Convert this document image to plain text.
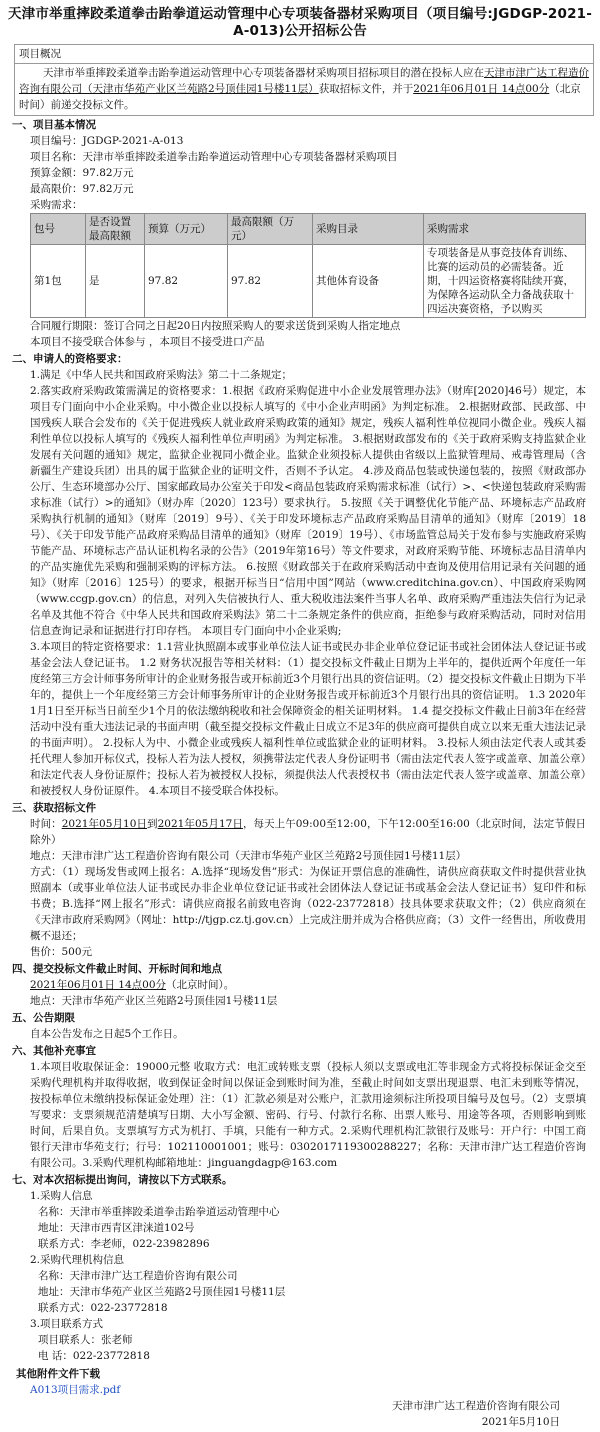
天津市举重摔跤柔道拳击跆拳道运动管理中心专项装备器材采购项目（项目编号:JGDGP-2021-A-013)公开招标公告
项目概况
天津市举重摔跤柔道拳击跆拳道运动管理中心专项装备器材采购项目招标项目的潜在投标人应在天津市津广达工程造价咨询有限公司（天津市华苑产业区兰苑路2号顶佳园1号楼11层）获取招标文件，并于2021年06月01日 14点00分（北京时间）前递交投标文件。
一、项目基本情况
项目编号：JGDGP-2021-A-013
项目名称：天津市举重摔跤柔道拳击跆拳道运动管理中心专项装备器材采购项目
预算金额：97.82万元
最高限价：97.82万元
采购需求：
包号	是否设置最高限额	预算（万元）	最高限额（万元）	采购目录	采购需求
第1包	是	97.82	97.82	其他体育设备	专项装备是从事竞技体育训练、比赛的运动员的必需装备。近期，十四运资格赛将陆续开赛，为保障各运动队全力备战获取十四运决赛资格，予以购买
合同履行期限：签订合同之日起20日内按照采购人的要求送货到采购人指定地点
本项目不接受联合体参与 ，本项目不接受进口产品
二、申请人的资格要求：
1.满足《中华人民共和国政府采购法》第二十二条规定；
2.落实政府采购政策需满足的资格要求：1.根据《政府采购促进中小企业发展管理办法》（财库[2020]46号）规定，本项目专门面向中小企业采购。中小微企业以投标人填写的《中小企业声明函》为判定标准。 2.根据财政部、民政部、中国残疾人联合会发布的《关于促进残疾人就业政府采购政策的通知》规定，残疾人福利性单位视同小微企业。残疾人福利性单位以投标人填写的《残疾人福利性单位声明函》为判定标准。 3.根据财政部发布的《关于政府采购支持监狱企业发展有关问题的通知》规定，监狱企业视同小微企业。监狱企业须投标人提供由省级以上监狱管理局、戒毒管理局（含新疆生产建设兵团）出具的属于监狱企业的证明文件，否则不予认定。 4.涉及商品包装或快递包装的，按照《财政部办公厅、生态环境部办公厅、国家邮政局办公室关于印发<商品包装政府采购需求标准（试行）>、<快递包装政府采购需求标准（试行）>的通知》（财办库〔2020〕123号）要求执行。 5.按照《关于调整优化节能产品、环境标志产品政府采购执行机制的通知》（财库〔2019〕9号）、《关于印发环境标志产品政府采购品目清单的通知》（财库〔2019〕18号）、《关于印发节能产品政府采购品目清单的通知》（财库〔2019〕19号）、《市场监管总局关于发布参与实施政府采购节能产品、环境标志产品认证机构名录的公告》（2019年第16号）等文件要求，对政府采购节能、环境标志品目清单内的产品实施优先采购和强制采购的评标方法。 6.按照《财政部关于在政府采购活动中查询及使用信用记录有关问题的通知》（财库〔2016〕125号）的要求，根据开标当日“信用中国”网站（www.creditchina.gov.cn）、中国政府采购网（www.ccgp.gov.cn）的信息，对列入失信被执行人、重大税收违法案件当事人名单、政府采购严重违法失信行为记录名单及其他不符合《中华人民共和国政府采购法》第二十二条规定条件的供应商，拒绝参与政府采购活动，同时对信用信息查询记录和证据进行打印存档。 本项目专门面向中小企业采购;
3.本项目的特定资格要求：1.1营业执照副本或事业单位法人证书或民办非企业单位登记证书或社会团体法人登记证书或基金会法人登记证书。 1.2 财务状况报告等相关材料：（1）提交投标文件截止日期为上半年的，提供近两个年度任一年度经第三方会计师事务所审计的企业财务报告或开标前近3个月银行出具的资信证明。（2）提交投标文件截止日期为下半年的，提供上一个年度经第三方会计师事务所审计的企业财务报告或开标前近3个月银行出具的资信证明。 1.3 2020年1月1日至开标当日前至少1个月的依法缴纳税收和社会保障资金的相关证明材料。 1.4 提交投标文件截止日前3年在经营活动中没有重大违法记录的书面声明（截至提交投标文件截止日成立不足3年的供应商可提供自成立以来无重大违法记录的书面声明）。 2.投标人为中、小微企业或残疾人福利性单位或监狱企业的证明材料。 3.投标人须由法定代表人或其委托代理人参加开标仪式，投标人若为法人授权，须携带法定代表人身份证明书（需由法定代表人签字或盖章、加盖公章）和法定代表人身份证原件；投标人若为被授权人投标，须提供法人代表授权书（需由法定代表人签字或盖章、加盖公章）和被授权人身份证原件。 4.本项目不接受联合体投标。
三、获取招标文件
时间：2021年05月10日到2021年05月17日，每天上午09:00至12:00，下午12:00至16:00（北京时间，法定节假日除外）
地点：天津市津广达工程造价咨询有限公司（天津市华苑产业区兰苑路2号顶佳园1号楼11层）
方式：（1）现场发售或网上报名：A.选择“现场发售”形式：为保证开票信息的准确性，请供应商获取文件时提供营业执照副本（或事业单位法人证书或民办非企业单位登记证书或社会团体法人登记证书或基金会法人登记证书）复印件和标书费；B.选择“网上报名”形式：请供应商报名前致电咨询（022-23772818）技具体要求获取文件；（2）供应商须在《天津市政府采购网》（网址：http://tjgp.cz.tj.gov.cn）上完成注册并成为合格供应商；（3）文件一经售出，所收费用概不退还；
售价：500元
四、提交投标文件截止时间、开标时间和地点
2021年06月01日 14点00分（北京时间）。
地点：天津市华苑产业区兰苑路2号顶佳园1号楼11层
五、公告期限
自本公告发布之日起5个工作日。
六、其他补充事宜
1.本项目收取保证金：19000元整 收取方式：电汇或转账支票（投标人须以支票或电汇等非现金方式将投标保证金交至采购代理机构并取得收据，收到保证金时间以保证金到账时间为准，至截止时间如支票出现退票、电汇未到账等情况，按投标单位未缴纳投标保证金处理）注：（1）汇款必须是对公账户，汇款用途须标注所投项目编号及包号。（2）支票填写要求：支票须规范清楚填写日期、大小写金额、密码、行号、付款行名称、出票人账号、用途等各项，否则影响到账时间，后果自负。支票填写方式为机打、手填，只能有一种方式。2.采购代理机构汇款银行及账号：开户行：中国工商银行天津市华苑支行；行号：102110001001；账号：0302017119300288227；名称：天津市津广达工程造价咨询有限公司。3.采购代理机构邮箱地址：jinguangdagp@163.com
七、对本次招标提出询问，请按以下方式联系。
1.采购人信息
名称：天津市举重摔跤柔道拳击跆拳道运动管理中心
地址：天津市西青区津涞道102号
联系方式：李老师，022-23982896
2.采购代理机构信息
名称：天津市津广达工程造价咨询有限公司
地址：天津市华苑产业区兰苑路2号顶佳园1号楼11层
联系方式：022-23772818
3.项目联系方式
项目联系人：张老师
电 话：022-23772818
其他附件文件下载
A013项目需求.pdf
天津市津广达工程造价咨询有限公司
2021年5月10日
